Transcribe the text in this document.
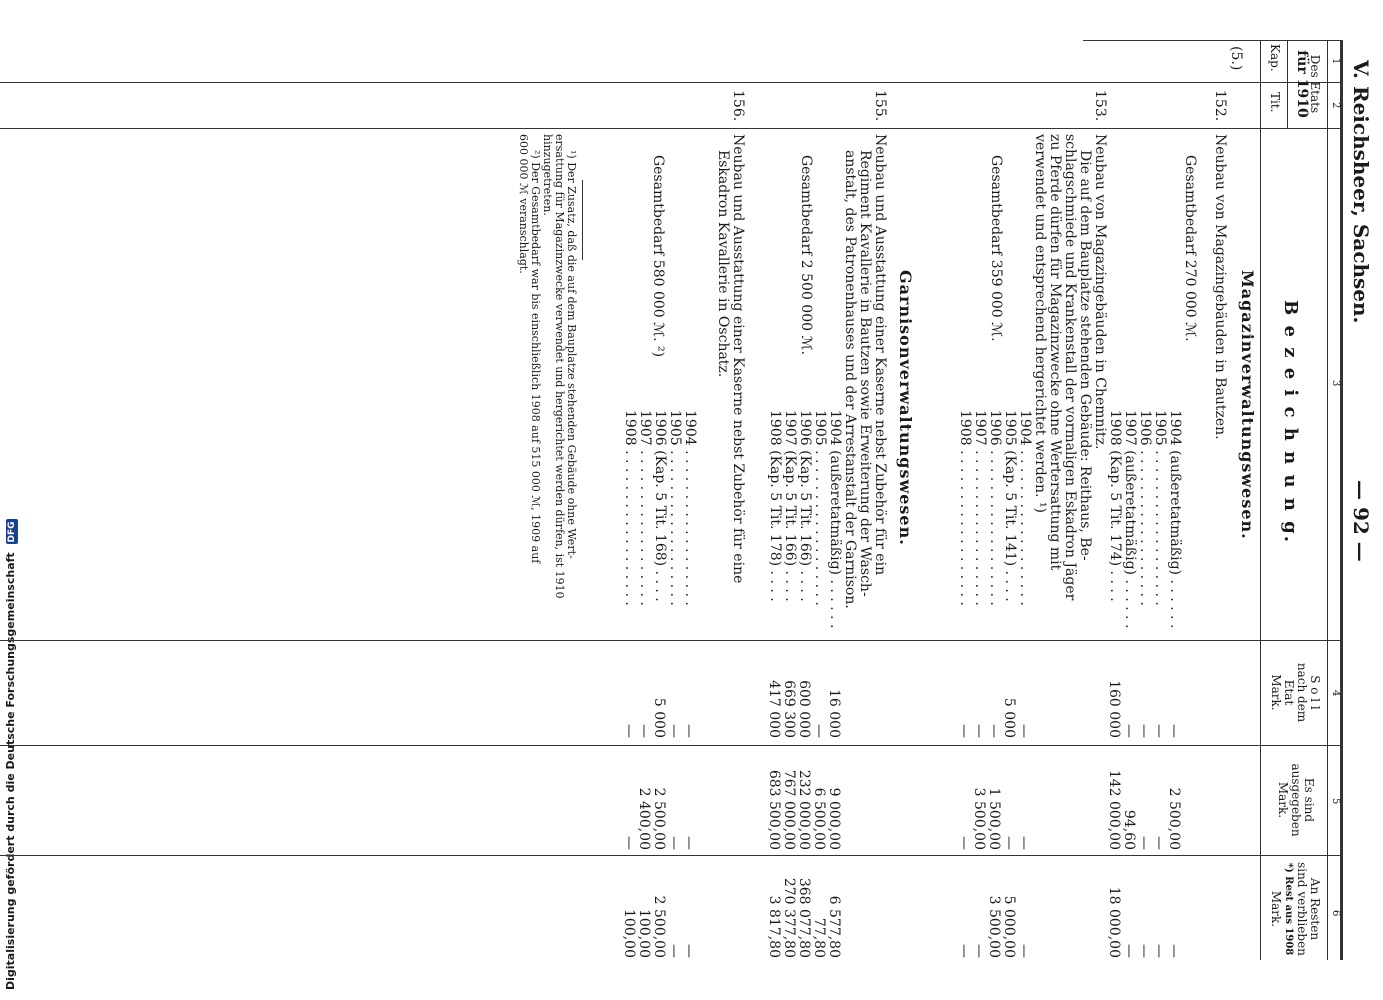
Digitalisierung gefördert durch die Deutsche Forschungsgemeinschaft DFG
V. Reichsheer, Sachsen.
— 92 —
1
2
3
4
5
6
Des Etats
für 1910
Kap.
Tit.
B e z e i c h n u n g.
S o l l
nach dem
Etat
Mark.
Es sind
ausgegeben
Mark.
An Resten
sind verblieben
*) Rest aus 1908
Mark.
(5.)
Magazinverwaltungswesen.
152.
Neubau von Magazingebäuden in Bautzen.
Gesamtbedarf 270 000 ℳ.
153.
Neubau von Magazingebäuden in Chemnitz.
Die auf dem Bauplatze stehenden Gebäude: Reithaus, Be-
schlagschmiede und Krankenstall der vormaligen Eskadron Jäger
zu Pferde dürfen für Magazinzwecke ohne Wertersattung mit
verwendet und entsprechend hergerichtet werden. ¹)
Gesamtbedarf 359 000 ℳ.
Garnisonverwaltungswesen.
155.
Neubau und Ausstattung einer Kaserne nebst Zubehör für ein
Regiment Kavallerie in Bautzen sowie Erweiterung der Wasch-
anstalt, des Patronenhauses und der Arrestanstalt der Garnison.
Gesamtbedarf 2 500 000 ℳ.
156.
Neubau und Ausstattung einer Kaserne nebst Zubehör für eine
Eskadron Kavallerie in Oschatz.
Gesamtbedarf 580 000 ℳ. ²)
¹) Der Zusatz, daß die auf dem Bauplatze stehenden Gebäude ohne Wert-
ersattung für Magazinzwecke verwendet und hergerichtet werden dürfen, ist 1910
hinzugetreten.
²) Der Gesamtbedarf war bis einschließlich 1908 auf 515 000 ℳ, 1909 auf
600 000 ℳ veranschlagt.
1904 (außeretatmäßig) . . . . . .
—
2 500,00
—
1905 . . . . . . . . . . . . . . . . . .
—
—
—
1906 . . . . . . . . . . . . . . . . . .
—
—
—
1907 (außeretatmäßig) . . . . . .
—
94,60
—
1908 (Kap. 5 Tit. 174) . . . .
160 000
142 000,00
18 000,00
1904 . . . . . . . . . . . . . . . . . .
—
—
—
1905 (Kap. 5 Tit. 141) . . . .
5 000
—
5 000,00
1906 . . . . . . . . . . . . . . . . . .
—
1 500,00
3 500,00
1907 . . . . . . . . . . . . . . . . . .
—
3 500,00
—
1908 . . . . . . . . . . . . . . . . . .
—
—
—
1904 (außeretatmäßig) . . . . . .
16 000
9 000,00
6 577,80
1905 . . . . . . . . . . . . . . . . . .
—
6 500,00
77,80
1906 (Kap. 5 Tit. 166) . . . .
600 000
232 000,00
368 077,80
1907 (Kap. 5 Tit. 166) . . . .
669 300
767 000,00
270 377,80
1908 (Kap. 5 Tit. 178) . . . .
417 000
683 500,00
3 817,80
1904 . . . . . . . . . . . . . . . . . .
—
—
—
1905 . . . . . . . . . . . . . . . . . .
—
—
—
1906 (Kap. 5 Tit. 168) . . . .
5 000
2 500,00
2 500,00
1907 . . . . . . . . . . . . . . . . . .
—
2 400,00
100,00
1908 . . . . . . . . . . . . . . . . . .
—
—
100,00
